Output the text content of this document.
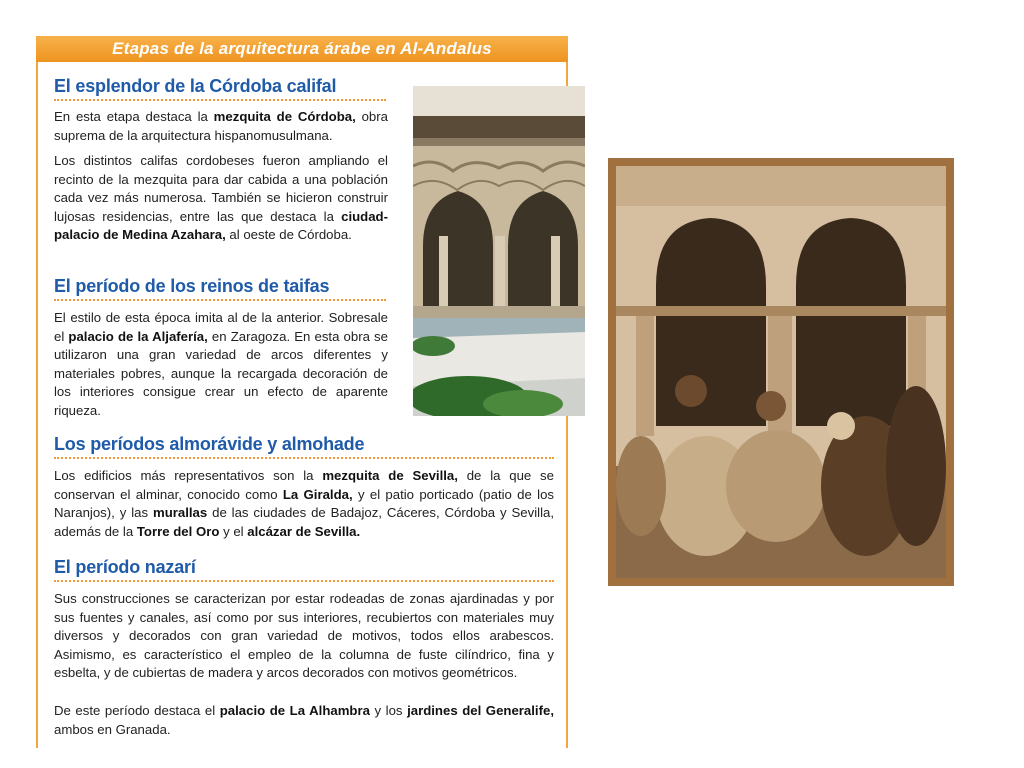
Etapas de la arquitectura árabe en Al-Andalus
El esplendor de la Córdoba califal

En esta etapa destaca la mezquita de Córdoba, obra suprema de la arquitectura hispanomusulmana.

Los distintos califas cordobeses fueron ampliando el recinto de la mezquita para dar cabida a una población cada vez más numerosa. También se hicieron construir lujosas residencias, entre las que destaca la ciudad-palacio de Medina Azahara, al oeste de Córdoba.

El período de los reinos de taifas

El estilo de esta época imita al de la anterior. Sobresale el palacio de la Aljafería, en Zaragoza. En esta obra se utilizaron una gran variedad de arcos diferentes y materiales pobres, aunque la recargada decoración de los interiores consigue crear un efecto de aparente riqueza.

Los períodos almorávide y almohade

Los edificios más representativos son la mezquita de Sevilla, de la que se conservan el alminar, conocido como La Giralda, y el patio porticado (patio de los Naranjos), y las murallas de las ciudades de Badajoz, Cáceres, Córdoba y Sevilla, además de la Torre del Oro y el alcázar de Sevilla.

El período nazarí

Sus construcciones se caracterizan por estar rodeadas de zonas ajardinadas y por sus fuentes y canales, así como por sus interiores, recubiertos con materiales muy diversos y decorados con gran variedad de motivos, todos ellos arabescos. Asimismo, es característico el empleo de la columna de fuste cilíndrico, fina y esbelta, y de cubiertas de madera y arcos decorados con motivos geométricos.

De este período destaca el palacio de La Alhambra y los jardines del Generalife, ambos en Granada.
